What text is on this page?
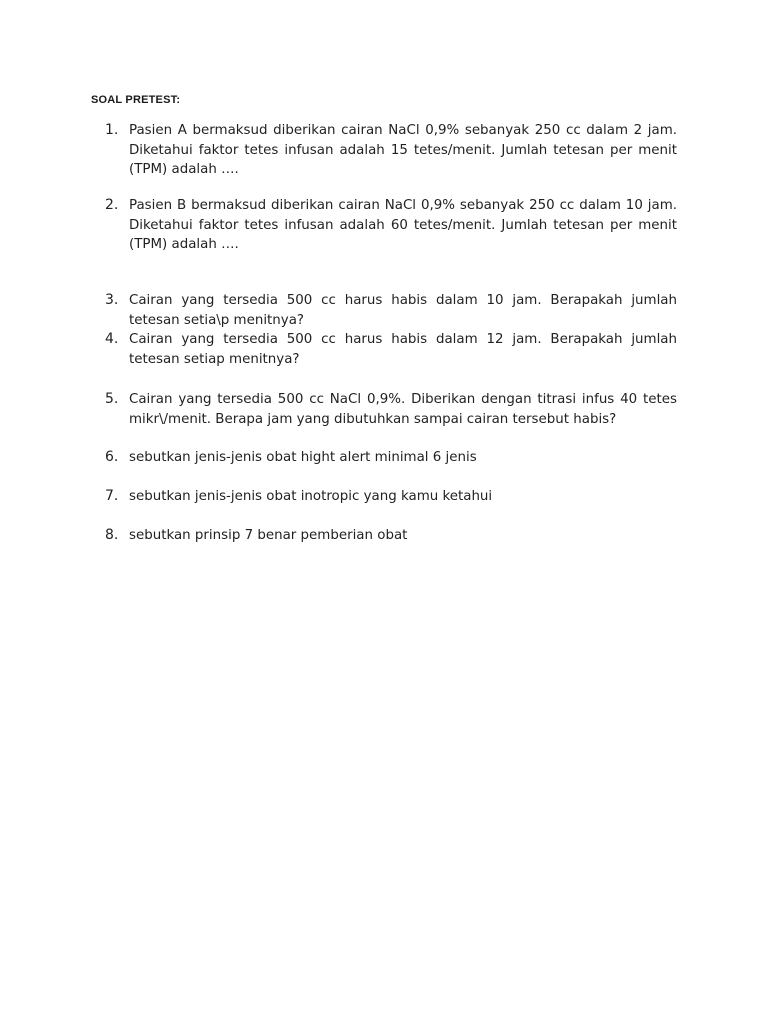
SOAL PRETEST:
1. Pasien A bermaksud diberikan cairan NaCl 0,9% sebanyak 250 cc dalam 2 jam. Diketahui faktor tetes infusan adalah 15 tetes/menit. Jumlah tetesan per menit (TPM) adalah ….
2. Pasien B bermaksud diberikan cairan NaCl 0,9% sebanyak 250 cc dalam 10 jam. Diketahui faktor tetes infusan adalah 60 tetes/menit. Jumlah tetesan per menit (TPM) adalah ….
3. Cairan yang tersedia 500 cc harus habis dalam 10 jam. Berapakah jumlah tetesan setia\p menitnya?
4. Cairan yang tersedia 500 cc harus habis dalam 12 jam. Berapakah jumlah tetesan setiap menitnya?
5. Cairan yang tersedia 500 cc NaCl 0,9%. Diberikan dengan titrasi infus 40 tetes mikr\/menit. Berapa jam yang dibutuhkan sampai cairan tersebut habis?
6. sebutkan jenis-jenis obat hight alert minimal 6 jenis
7. sebutkan jenis-jenis obat inotropic yang kamu ketahui
8. sebutkan prinsip 7 benar pemberian obat
